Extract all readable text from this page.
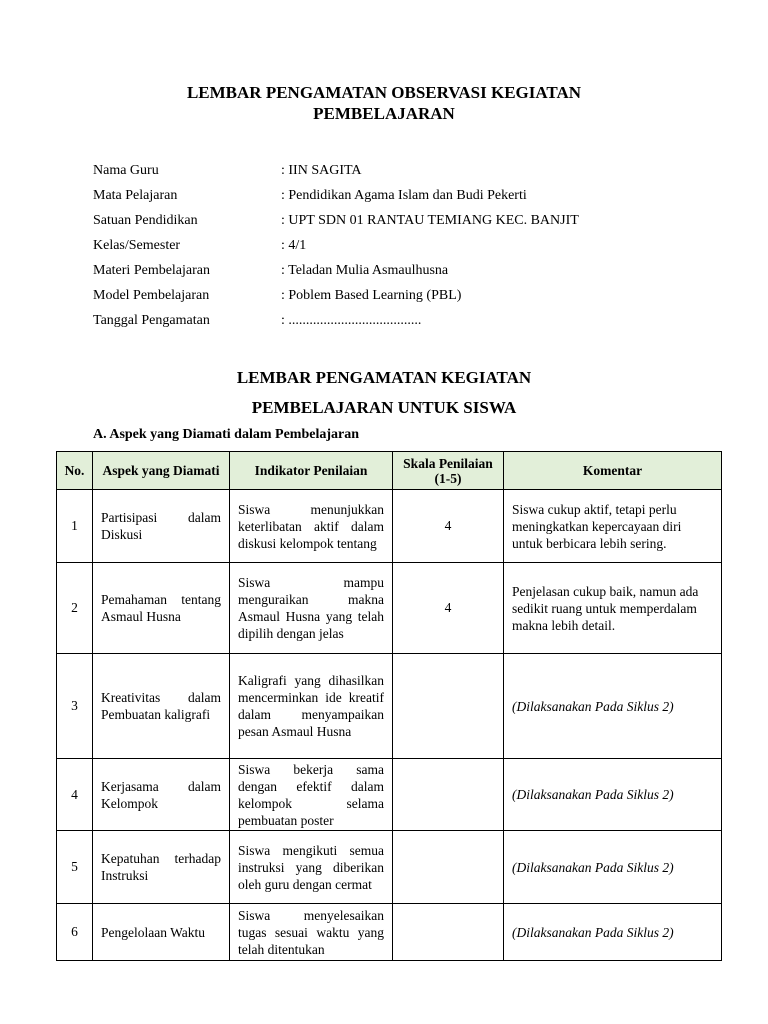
LEMBAR PENGAMATAN OBSERVASI KEGIATAN
PEMBELAJARAN
Nama Guru	: IIN SAGITA
Mata Pelajaran	: Pendidikan Agama Islam dan Budi Pekerti
Satuan Pendidikan	: UPT SDN 01 RANTAU TEMIANG KEC. BANJIT
Kelas/Semester	: 4/1
Materi Pembelajaran	: Teladan Mulia Asmaulhusna
Model Pembelajaran	: Poblem Based Learning (PBL)
Tanggal Pengamatan	: ......................................
LEMBAR PENGAMATAN KEGIATAN
PEMBELAJARAN UNTUK SISWA
A. Aspek yang Diamati dalam Pembelajaran
No.	Aspek yang Diamati	Indikator Penilaian	Skala Penilaian (1-5)	Komentar
1	Partisipasi dalam Diskusi	Siswa menunjukkan keterlibatan aktif dalam diskusi kelompok tentang	4	Siswa cukup aktif, tetapi perlu meningkatkan kepercayaan diri untuk berbicara lebih sering.
2	Pemahaman tentang Asmaul Husna	Siswa mampu menguraikan makna Asmaul Husna yang telah dipilih dengan jelas	4	Penjelasan cukup baik, namun ada sedikit ruang untuk memperdalam makna lebih detail.
3	Kreativitas dalam Pembuatan kaligrafi	Kaligrafi yang dihasilkan mencerminkan ide kreatif dalam menyampaikan pesan Asmaul Husna		(Dilaksanakan Pada Siklus 2)
4	Kerjasama dalam Kelompok	Siswa bekerja sama dengan efektif dalam kelompok selama pembuatan poster		(Dilaksanakan Pada Siklus 2)
5	Kepatuhan terhadap Instruksi	Siswa mengikuti semua instruksi yang diberikan oleh guru dengan cermat		(Dilaksanakan Pada Siklus 2)
6	Pengelolaan Waktu	Siswa menyelesaikan tugas sesuai waktu yang telah ditentukan		(Dilaksanakan Pada Siklus 2)
